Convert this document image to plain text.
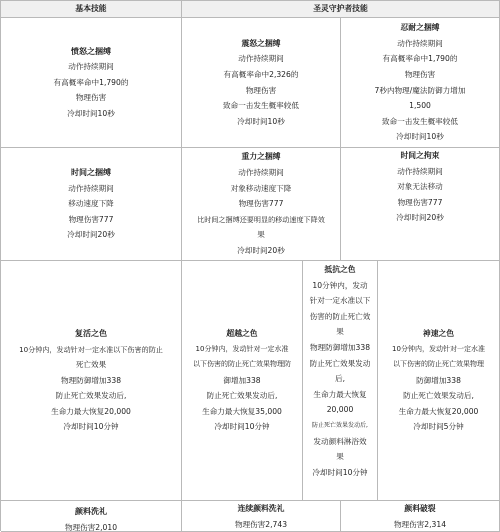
基本技能	圣灵守护者技能
愤怒之捆缚
动作持续期间
有高概率命中1,790的
物理伤害
冷却时间10秒
震怒之捆缚
动作持续期间
有高概率命中2,326的
物理伤害
致命一击发生概率较低
冷却时间10秒
忍耐之捆缚
动作持续期间
有高概率命中1,790的
物理伤害
7秒内物理/魔法防御力增加
1,500
致命一击发生概率较低
冷却时间10秒
时间之捆缚
动作持续期间
移动速度下降
物理伤害777
冷却时间20秒
重力之捆缚
动作持续期间
对象移动速度下降
物理伤害777
比时间之捆缚还要明显的移动速度下降效
果
冷却时间20秒
时间之拘束
动作持续期间
对象无法移动
物理伤害777
冷却时间20秒
复活之色
10分钟内，发动针对一定水准以下伤害的防止
死亡效果
物理防御增加338
防止死亡效果发动后,
生命力最大恢复20,000
冷却时间10分钟
超越之色
10分钟内，发动针对一定水准
以下伤害的防止死亡效果物理防
御增加338
防止死亡效果发动后,
生命力最大恢复35,000
冷却时间10分钟
抵抗之色
10分钟内，发动
针对一定水准以下
伤害的防止死亡效
果
物理防御增加338
防止死亡效果发动
后,
生命力最大恢复
20,000
防止死亡效果发动后,
发动颜料淋浴效
果
冷却时间10分钟
神速之色
10分钟内，发动针对一定水准
以下伤害的防止死亡效果物理
防御增加338
防止死亡效果发动后,
生命力最大恢复20,000
冷却时间5分钟
颜料洗礼
物理伤害2,010
连续颜料洗礼
物理伤害2,743
颜料破裂
物理伤害2,314
